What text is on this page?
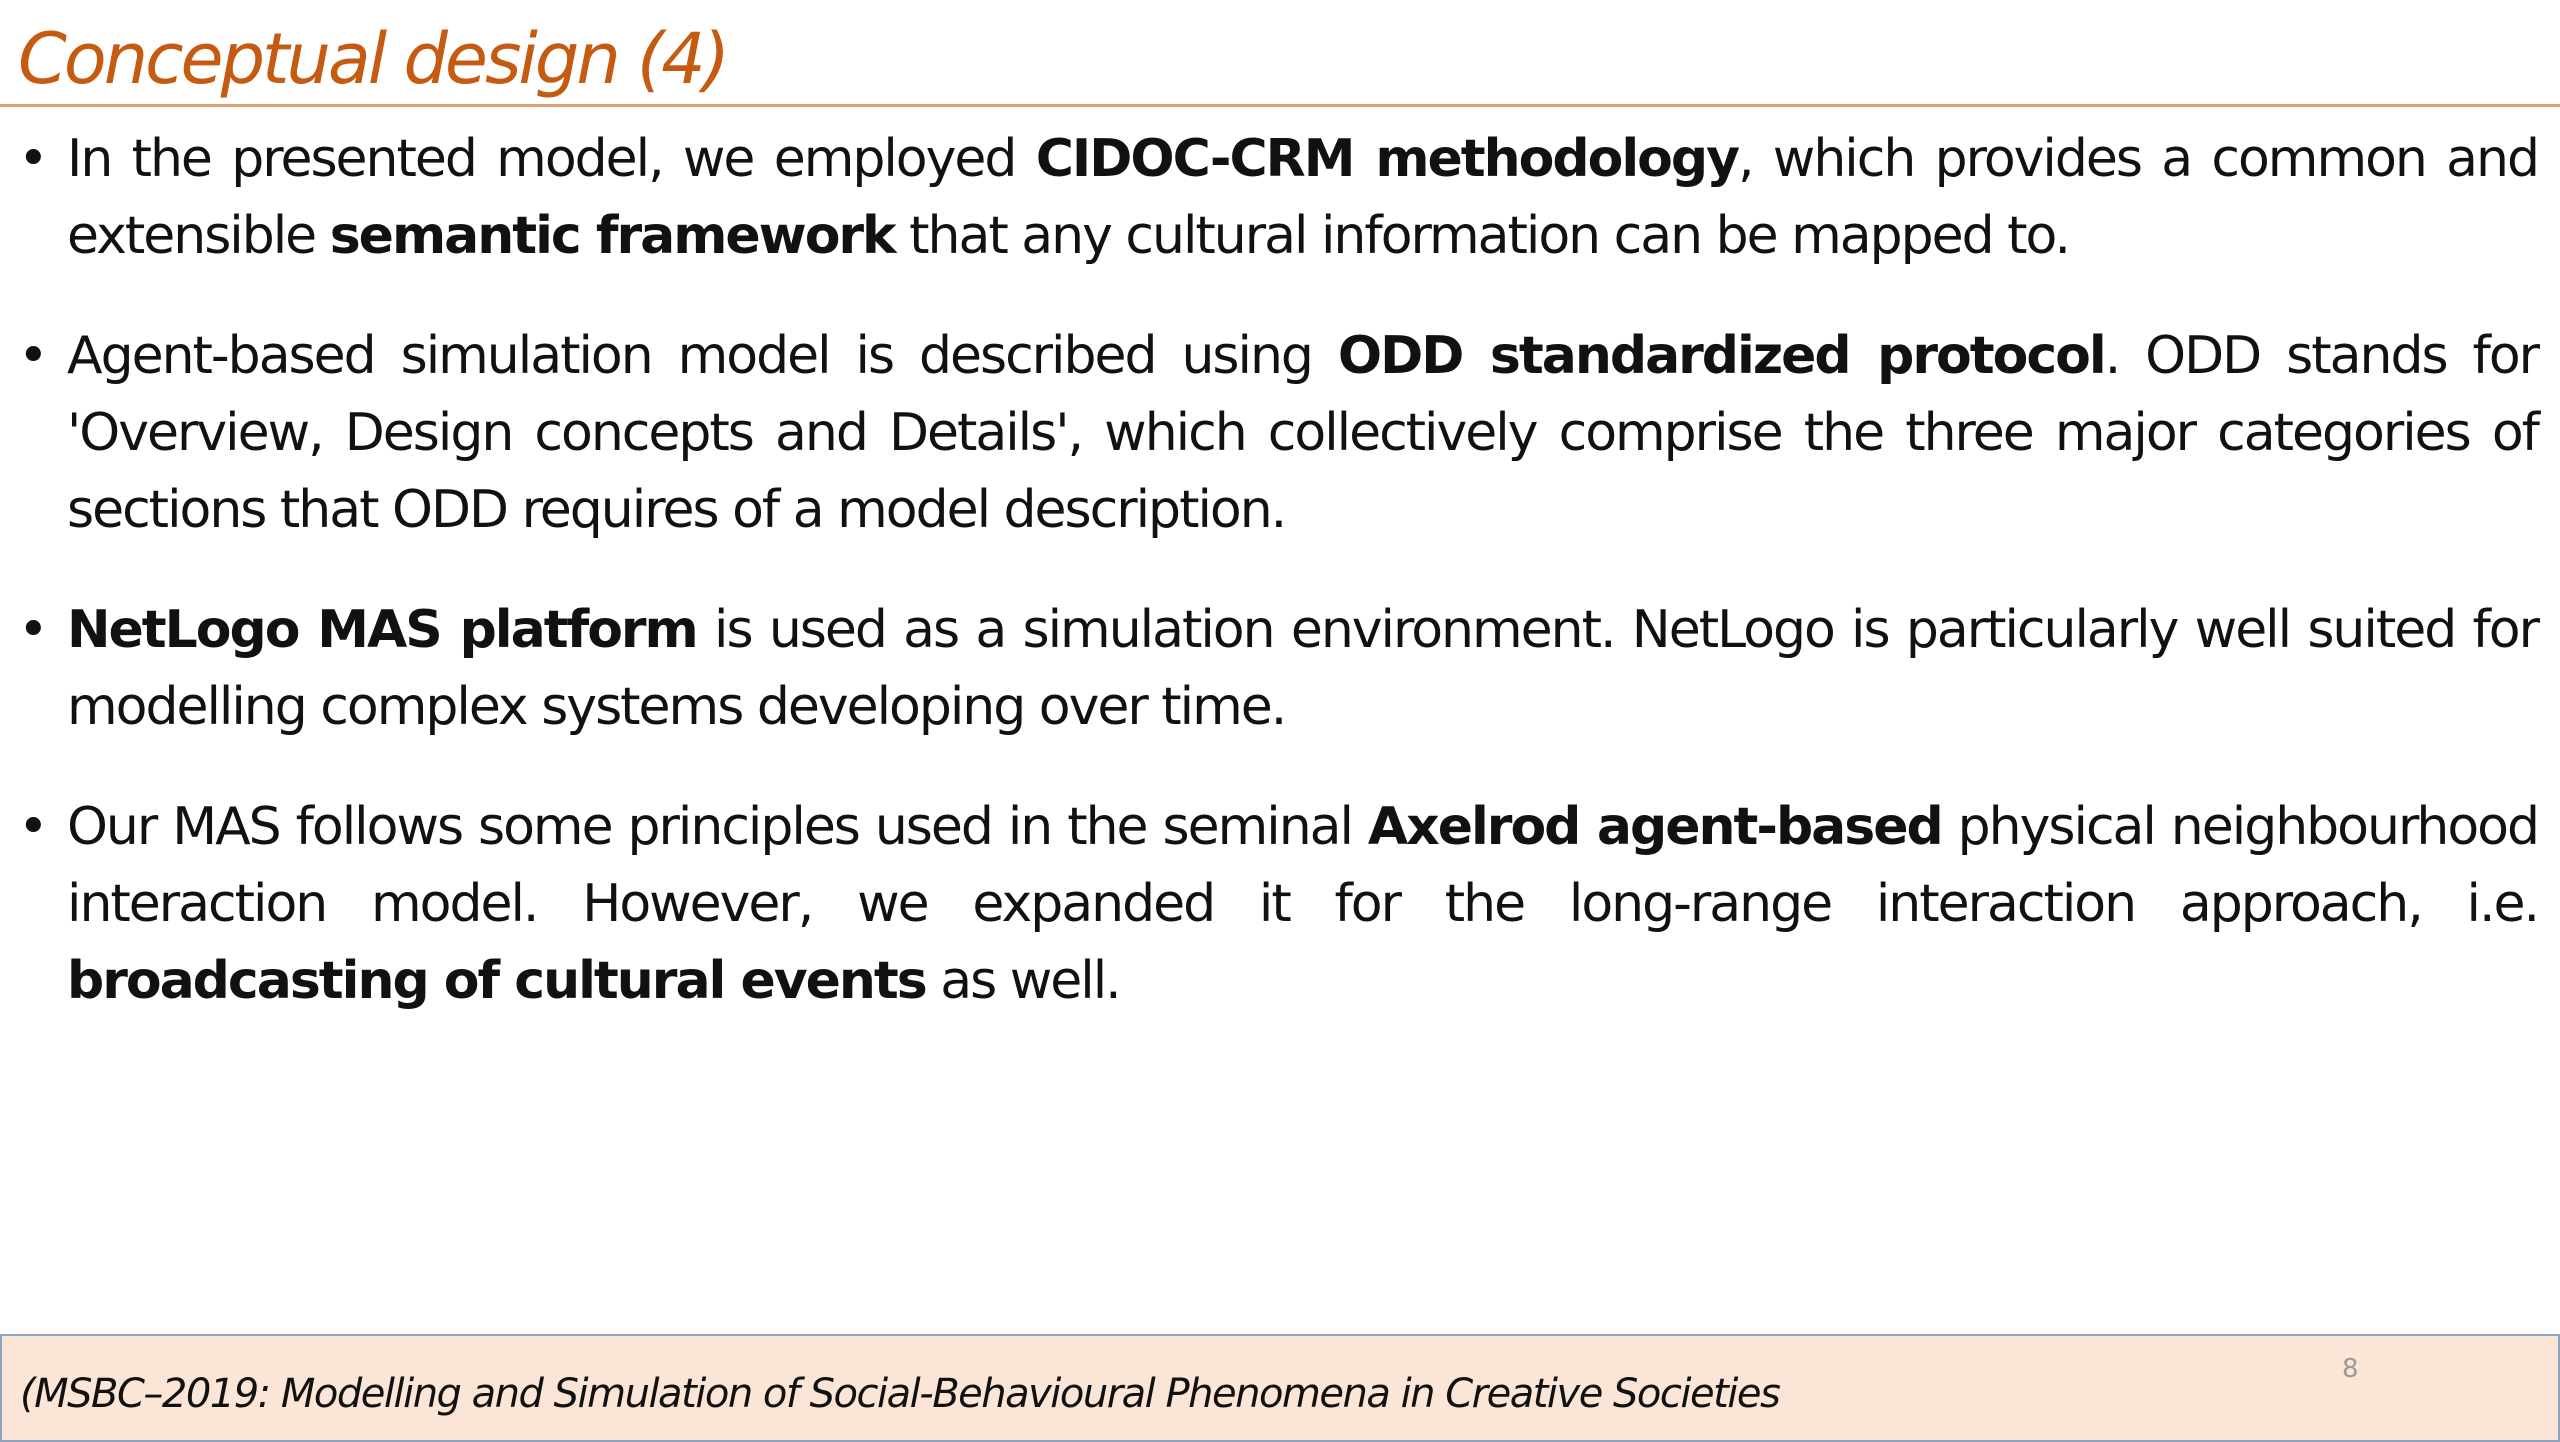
Conceptual design (4)
• In the presented model, we employed CIDOC-CRM methodology, which provides a common and extensible semantic framework that any cultural information can be mapped to.
• Agent-based simulation model is described using ODD standardized protocol. ODD stands for 'Overview, Design concepts and Details', which collectively comprise the three major categories of sections that ODD requires of a model description.
• NetLogo MAS platform is used as a simulation environment. NetLogo is particularly well suited for modelling complex systems developing over time.
• Our MAS follows some principles used in the seminal Axelrod agent-based physical neighbourhood interaction model. However, we expanded it for the long-range interaction approach, i.e. broadcasting of cultural events as well.
(MSBC–2019: Modelling and Simulation of Social-Behavioural Phenomena in Creative Societies
8
